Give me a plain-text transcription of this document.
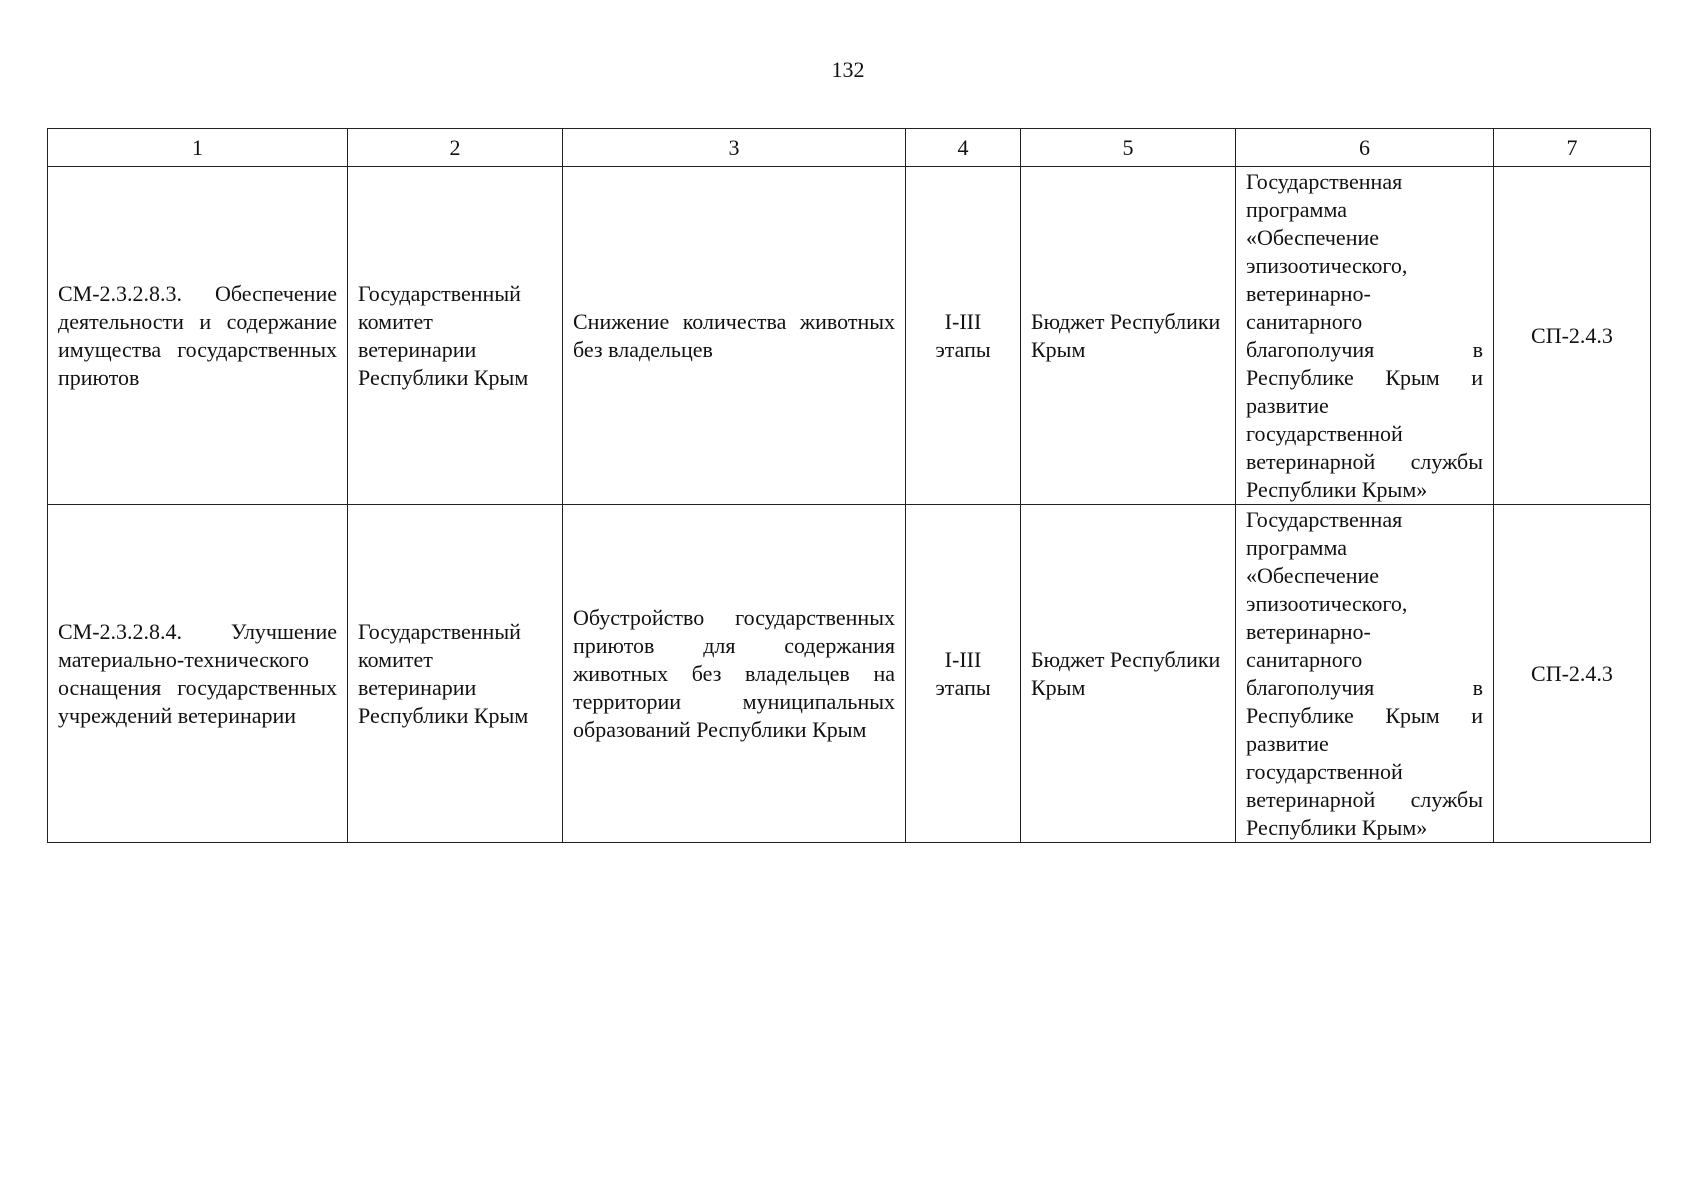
132
1	2	3	4	5	6	7
СМ-2.3.2.8.3. Обеспечение деятельности и содержание имущества государственных приютов	Государственный комитет ветеринарии Республики Крым	Снижение количества животных без владельцев	I-III этапы	Бюджет Республики Крым	Государственная программа «Обеспечение эпизоотического, ветеринарно-санитарного благополучия в Республике Крым и развитие государственной ветеринарной службы Республики Крым»	СП-2.4.3
СМ-2.3.2.8.4. Улучшение материально-технического оснащения государственных учреждений ветеринарии	Государственный комитет ветеринарии Республики Крым	Обустройство государственных приютов для содержания животных без владельцев на территории муниципальных образований Республики Крым	I-III этапы	Бюджет Республики Крым	Государственная программа «Обеспечение эпизоотического, ветеринарно-санитарного благополучия в Республике Крым и развитие государственной ветеринарной службы Республики Крым»	СП-2.4.3
